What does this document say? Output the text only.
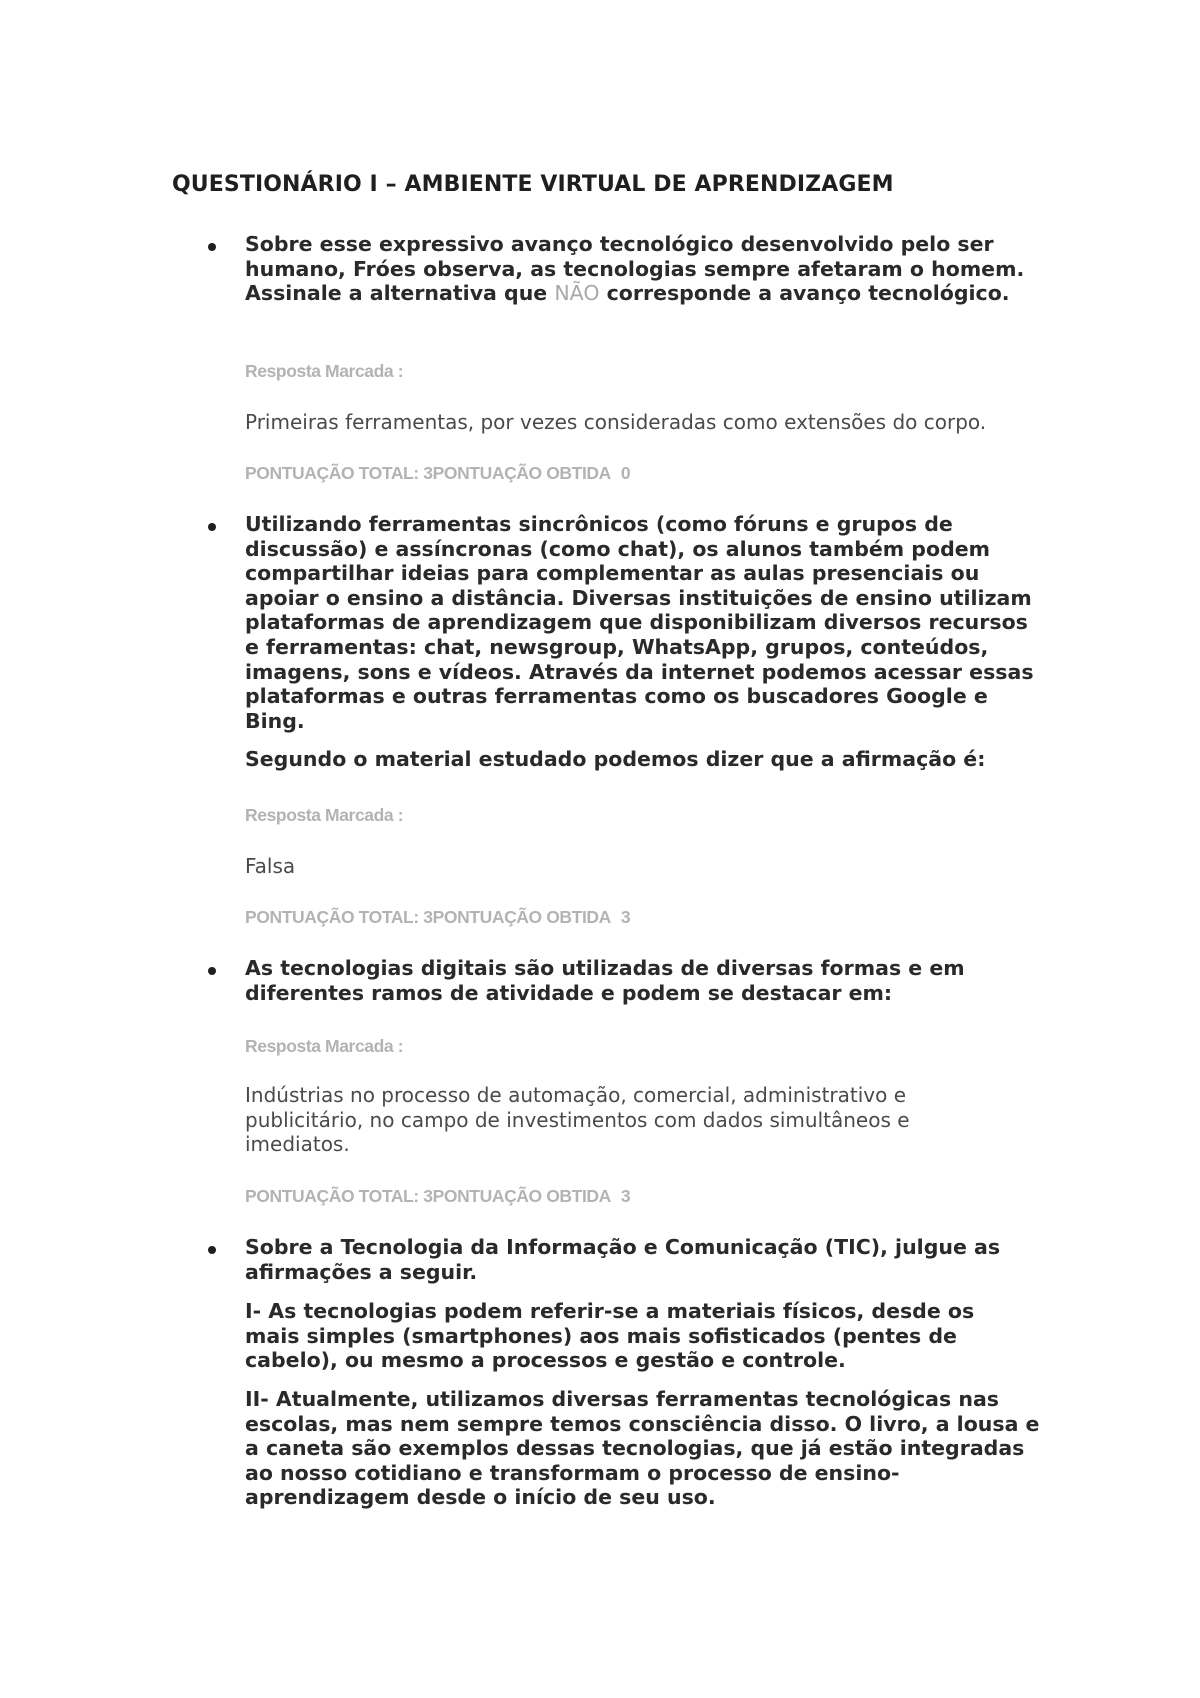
QUESTIONÁRIO I – AMBIENTE VIRTUAL DE APRENDIZAGEM

Sobre esse expressivo avanço tecnológico desenvolvido pelo ser humano, Fróes observa, as tecnologias sempre afetaram o homem. Assinale a alternativa que NÃO corresponde a avanço tecnológico.

Resposta Marcada :

Primeiras ferramentas, por vezes consideradas como extensões do corpo.

PONTUAÇÃO TOTAL: 3PONTUAÇÃO OBTIDA 0

Utilizando ferramentas sincrônicos (como fóruns e grupos de discussão) e assíncronas (como chat), os alunos também podem compartilhar ideias para complementar as aulas presenciais ou apoiar o ensino a distância. Diversas instituições de ensino utilizam plataformas de aprendizagem que disponibilizam diversos recursos e ferramentas: chat, newsgroup, WhatsApp, grupos, conteúdos, imagens, sons e vídeos. Através da internet podemos acessar essas plataformas e outras ferramentas como os buscadores Google e Bing.

Segundo o material estudado podemos dizer que a afirmação é:

Resposta Marcada :

Falsa

PONTUAÇÃO TOTAL: 3PONTUAÇÃO OBTIDA 3

As tecnologias digitais são utilizadas de diversas formas e em diferentes ramos de atividade e podem se destacar em:

Resposta Marcada :

Indústrias no processo de automação, comercial, administrativo e publicitário, no campo de investimentos com dados simultâneos e imediatos.

PONTUAÇÃO TOTAL: 3PONTUAÇÃO OBTIDA 3

Sobre a Tecnologia da Informação e Comunicação (TIC), julgue as afirmações a seguir.

I- As tecnologias podem referir-se a materiais físicos, desde os mais simples (smartphones) aos mais sofisticados (pentes de cabelo), ou mesmo a processos e gestão e controle.

II- Atualmente, utilizamos diversas ferramentas tecnológicas nas escolas, mas nem sempre temos consciência disso. O livro, a lousa e a caneta são exemplos dessas tecnologias, que já estão integradas ao nosso cotidiano e transformam o processo de ensino-aprendizagem desde o início de seu uso.
